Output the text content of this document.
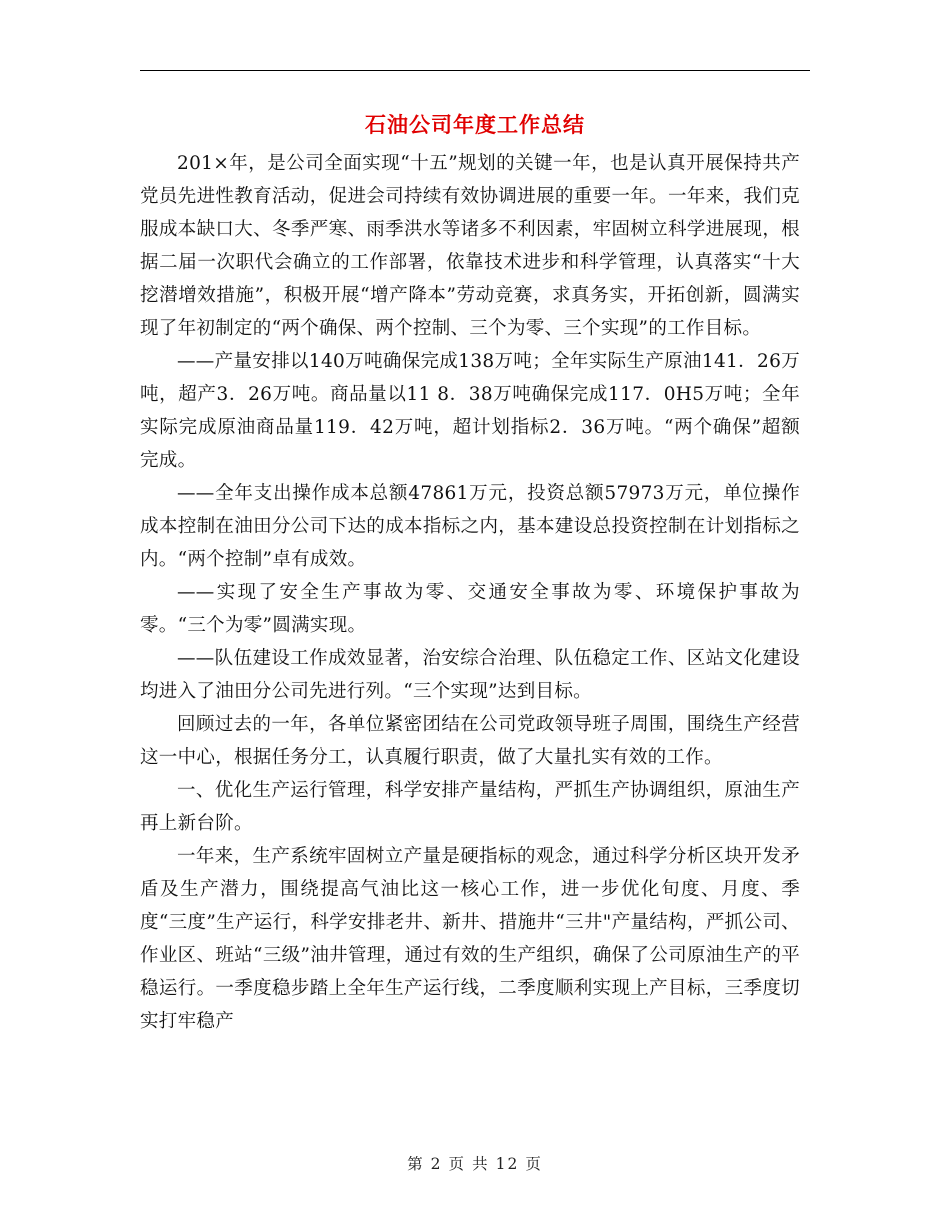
石油公司年度工作总结

201×年，是公司全面实现“十五”规划的关键一年，也是认真开展保持共产党员先进性教育活动，促进会司持续有效协调进展的重要一年。一年来，我们克服成本缺口大、冬季严寒、雨季洪水等诸多不利因素，牢固树立科学进展现，根据二届一次职代会确立的工作部署，依靠技术进步和科学管理，认真落实“十大挖潜增效措施”，积极开展“增产降本”劳动竞赛，求真务实，开拓创新，圆满实现了年初制定的“两个确保、两个控制、三个为零、三个实现”的工作目标。

——产量安排以140万吨确保完成138万吨；全年实际生产原油141．26万吨，超产3．26万吨。商品量以11 8．38万吨确保完成117．0H5万吨；全年实际完成原油商品量119．42万吨，超计划指标2．36万吨。“两个确保”超额完成。

——全年支出操作成本总额47861万元，投资总额57973万元，单位操作成本控制在油田分公司下达的成本指标之内，基本建设总投资控制在计划指标之内。“两个控制”卓有成效。

——实现了安全生产事故为零、交通安全事故为零、环境保护事故为零。“三个为零”圆满实现。

——队伍建设工作成效显著，治安综合治理、队伍稳定工作、区站文化建设均进入了油田分公司先进行列。“三个实现”达到目标。

回顾过去的一年，各单位紧密团结在公司党政领导班子周围，围绕生产经营这一中心，根据任务分工，认真履行职责，做了大量扎实有效的工作。

一、优化生产运行管理，科学安排产量结构，严抓生产协调组织，原油生产再上新台阶。

一年来，生产系统牢固树立产量是硬指标的观念，通过科学分析区块开发矛盾及生产潜力，围绕提高气油比这一核心工作，进一步优化旬度、月度、季度“三度”生产运行，科学安排老井、新井、措施井“三井"产量结构，严抓公司、作业区、班站“三级”油井管理，通过有效的生产组织，确保了公司原油生产的平稳运行。一季度稳步踏上全年生产运行线，二季度顺利实现上产目标，三季度切实打牢稳产

第 2 页 共 12 页
